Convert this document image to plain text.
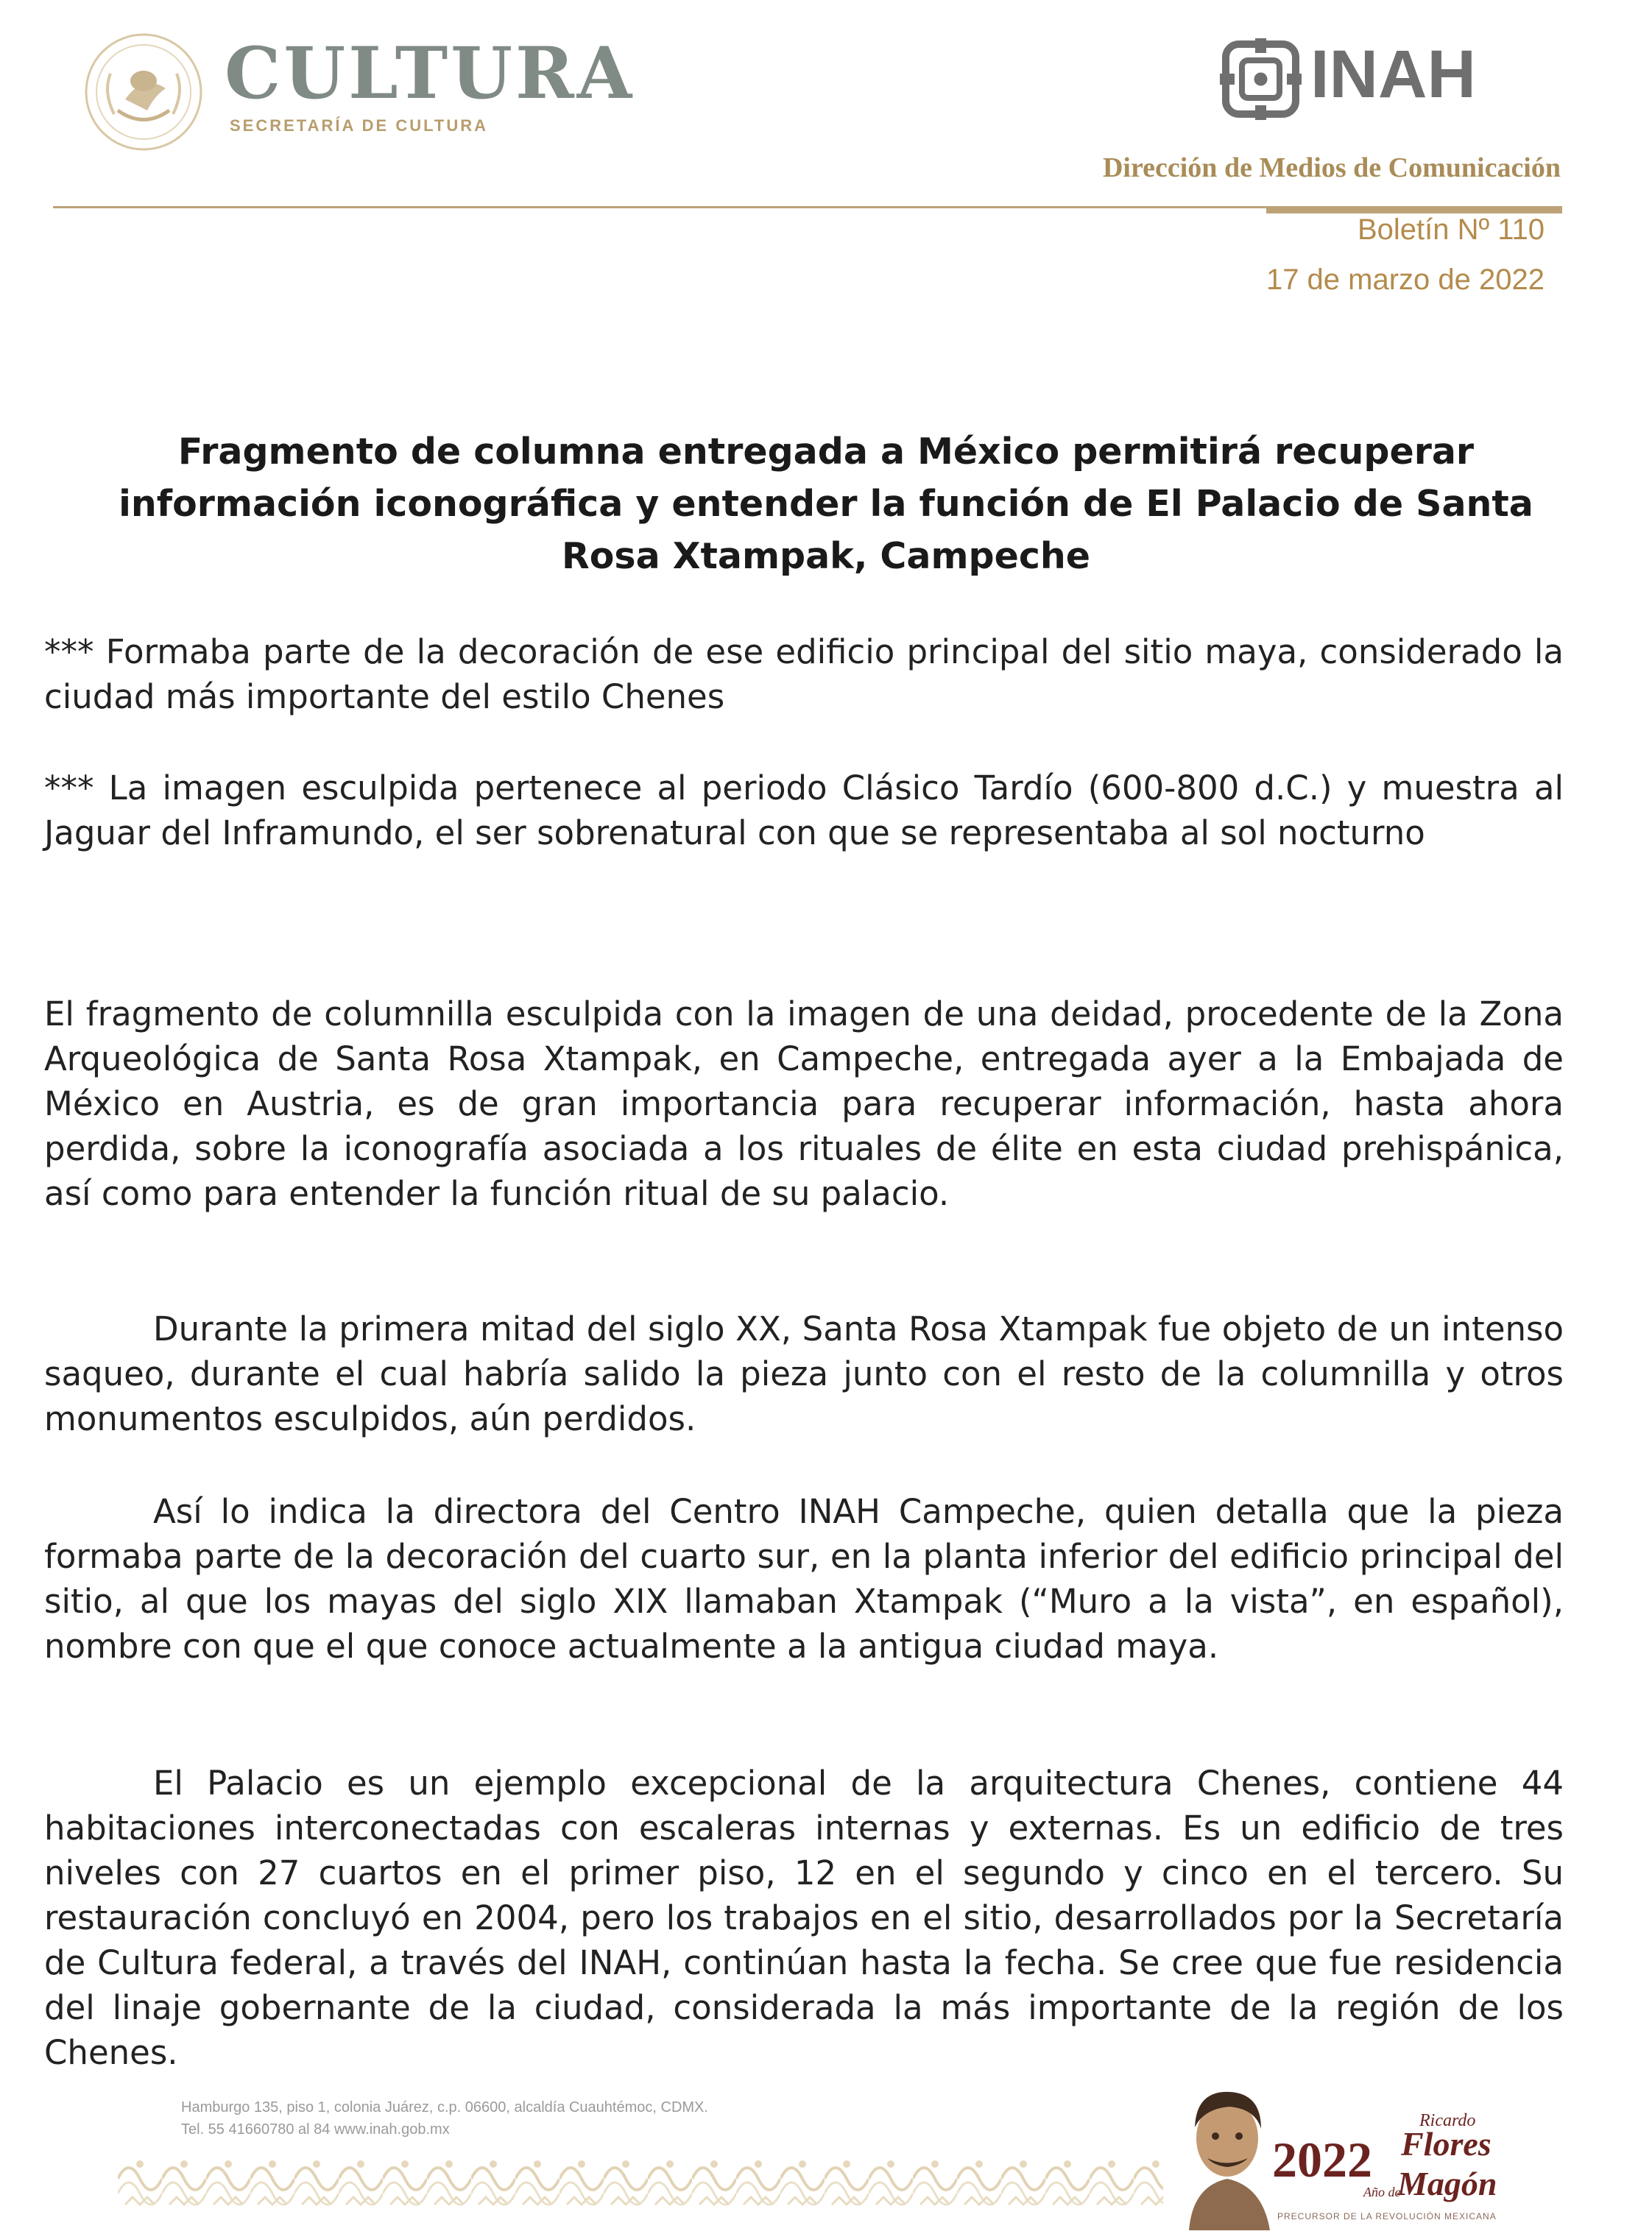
CULTURA
SECRETARÍA DE CULTURA
INAH
Dirección de Medios de Comunicación
Boletín Nº 110
17 de marzo de 2022
Fragmento de columna entregada a México permitirá recuperar información iconográfica y entender la función de El Palacio de Santa Rosa Xtampak, Campeche

*** Formaba parte de la decoración de ese edificio principal del sitio maya, considerado la ciudad más importante del estilo Chenes

*** La imagen esculpida pertenece al periodo Clásico Tardío (600-800 d.C.) y muestra al Jaguar del Inframundo, el ser sobrenatural con que se representaba al sol nocturno

El fragmento de columnilla esculpida con la imagen de una deidad, procedente de la Zona Arqueológica de Santa Rosa Xtampak, en Campeche, entregada ayer a la Embajada de México en Austria, es de gran importancia para recuperar información, hasta ahora perdida, sobre la iconografía asociada a los rituales de élite en esta ciudad prehispánica, así como para entender la función ritual de su palacio.

Durante la primera mitad del siglo XX, Santa Rosa Xtampak fue objeto de un intenso saqueo, durante el cual habría salido la pieza junto con el resto de la columnilla y otros monumentos esculpidos, aún perdidos.

Así lo indica la directora del Centro INAH Campeche, quien detalla que la pieza formaba parte de la decoración del cuarto sur, en la planta inferior del edificio principal del sitio, al que los mayas del siglo XIX llamaban Xtampak (“Muro a la vista”, en español), nombre con que el que conoce actualmente a la antigua ciudad maya.

El Palacio es un ejemplo excepcional de la arquitectura Chenes, contiene 44 habitaciones interconectadas con escaleras internas y externas. Es un edificio de tres niveles con 27 cuartos en el primer piso, 12 en el segundo y cinco en el tercero. Su restauración concluyó en 2004, pero los trabajos en el sitio, desarrollados por la Secretaría de Cultura federal, a través del INAH, continúan hasta la fecha. Se cree que fue residencia del linaje gobernante de la ciudad, considerada la más importante de la región de los Chenes.

Hamburgo 135, piso 1, colonia Juárez, c.p. 06600, alcaldía Cuauhtémoc, CDMX.
Tel. 55 41660780 al 84 www.inah.gob.mx
2022
Ricardo
Flores
Año de
Magón
PRECURSOR DE LA REVOLUCIÓN MEXICANA
